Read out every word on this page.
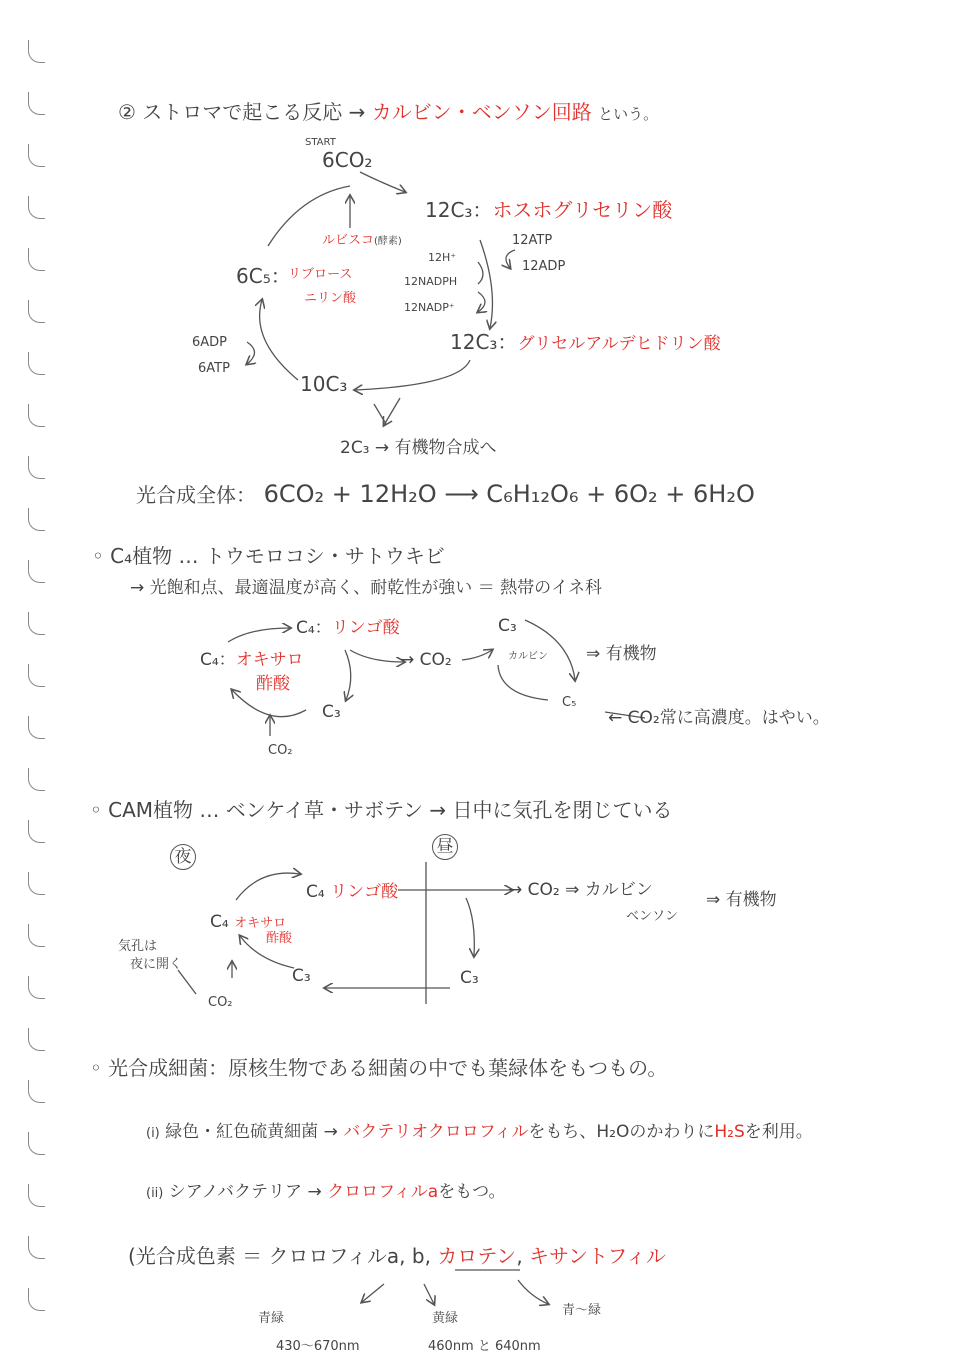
② ストロマで起こる反応 → カルビン・ベンソン回路 という。
START
6CO₂
12C₃：ホスホグリセリン酸
ルビスコ(酵素)	12ATP
12ADP
12H⁺
12NADPH
12NADP⁺
6C₅：
リブロース
ニリン酸
12C₃：グリセルアルデヒドリン酸
6ADP
6ATP
10C₃
2C₃ → 有機物合成へ
光合成全体： 6CO₂ + 12H₂O ⟶ C₆H₁₂O₆ + 6O₂ + 6H₂O
◦ C₄植物 … トウモロコシ・サトウキビ
→ 光飽和点、最適温度が高く、耐乾性が強い ＝ 熱帯のイネ科
C₄：リンゴ酸
C₄：オキサロ
酢酸
C₃
CO₂
→ CO₂
C₃
カルビン
C₅
⇒ 有機物
← CO₂常に高濃度。はやい。
◦ CAM植物 … ベンケイ草・サボテン → 日中に気孔を閉じている
夜	昼
C₄ リンゴ酸
C₄ オキサロ
酢酸
気孔は
夜に開く
CO₂
C₃	C₃
→ CO₂ ⇒ カルビン
ベンソン
⇒ 有機物
◦ 光合成細菌：原核生物である細菌の中でも葉緑体をもつもの。
(i) 緑色・紅色硫黄細菌 → バクテリオクロロフィルをもち、H₂OのかわりにH₂Sを利用。
(ii) シアノバクテリア → クロロフィルaをもつ。
(光合成色素 ＝ クロロフィルa, b, カロテン, キサントフィル
青緑
430〜670nm
黄緑
460nm と 640nm
青〜緑
